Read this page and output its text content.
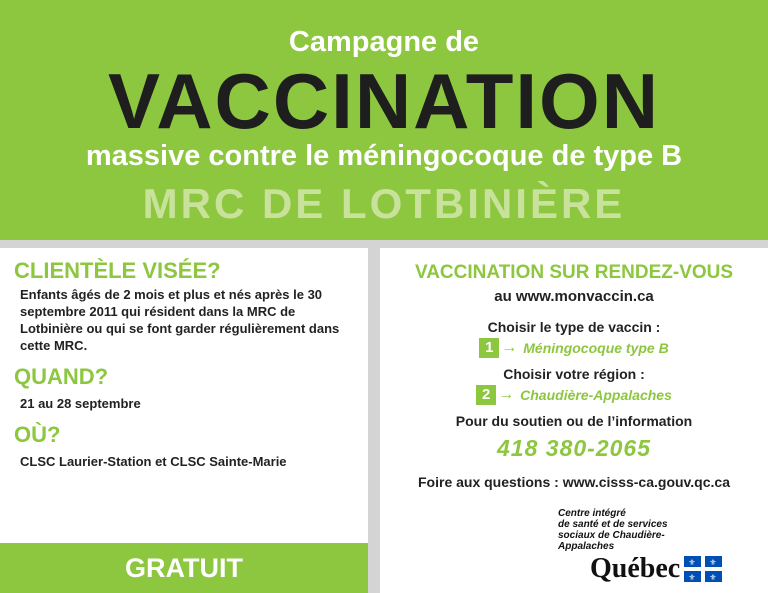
Campagne de
VACCINATION
massive contre le méningocoque de type B
MRC DE LOTBINIÈRE
CLIENTÈLE VISÉE?
Enfants âgés de 2 mois et plus et nés après le 30 septembre 2011 qui résident dans la MRC de Lotbinière ou qui se font garder régulièrement dans cette MRC.
QUAND?
21 au 28 septembre
OÙ?
CLSC Laurier-Station et CLSC Sainte-Marie
GRATUIT
VACCINATION SUR RENDEZ-VOUS
au www.monvaccin.ca
Choisir le type de vaccin :
1 → Méningocoque type B
Choisir votre région :
2 → Chaudière-Appalaches
Pour du soutien ou de l’information
418 380-2065
Foire aux questions : www.cisss-ca.gouv.qc.ca
Centre intégré
de santé et de services
sociaux de Chaudière-
Appalaches
Québec ⚜ ⚜
⚜ ⚜
